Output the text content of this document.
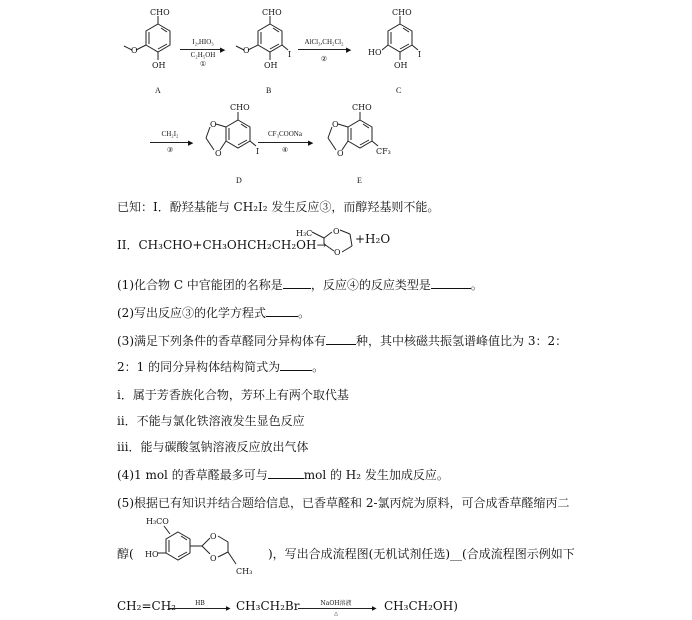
CHO
O
OH
A
I₂,HIO₃
▶
C₂H₅OH
①
CHO
O
OH
I
B
AlCl₃,CH₂Cl₂
▶
②
CHO
HO
OH
I
C
CH₂I₂
▶
③
CHO
O
O	I
D
CF₃COONa
▶
④
CHO
O
O	CF₃
E
已知：I．酚羟基能与 CH₂I₂ 发生反应③，而醇羟基则不能。
II．CH₃CHO+CH₃OHCH₂CH₂OH→
H₃C	O
O
+H₂O
(1)化合物 C 中官能团的名称是 ，反应④的反应类型是	。
(2)写出反应③的化学方程式	。
(3)满足下列条件的香草醛同分异构体有	种，其中核磁共振氢谱峰值比为 3：2：
2：1 的同分异构体结构简式为	。
ⅰ．属于芳香族化合物，芳环上有两个取代基
ⅱ．不能与氯化铁溶液发生显色反应
ⅲ．能与碳酸氢钠溶液反应放出气体
(4)1 mol 的香草醛最多可与	mol 的 H₂ 发生加成反应。
(5)根据已有知识并结合题给信息，已香草醛和 2-氯丙烷为原料，可合成香草醛缩丙二
醇(
H₃CO
HO
O
O
CH₃
)，写出合成流程图(无机试剂任选)__(合成流程图示例如下
CH₂=CH₂	HB
▶ CH₃CH₂Br	NaOH溶液
▶
△
CH₃CH₂OH)
